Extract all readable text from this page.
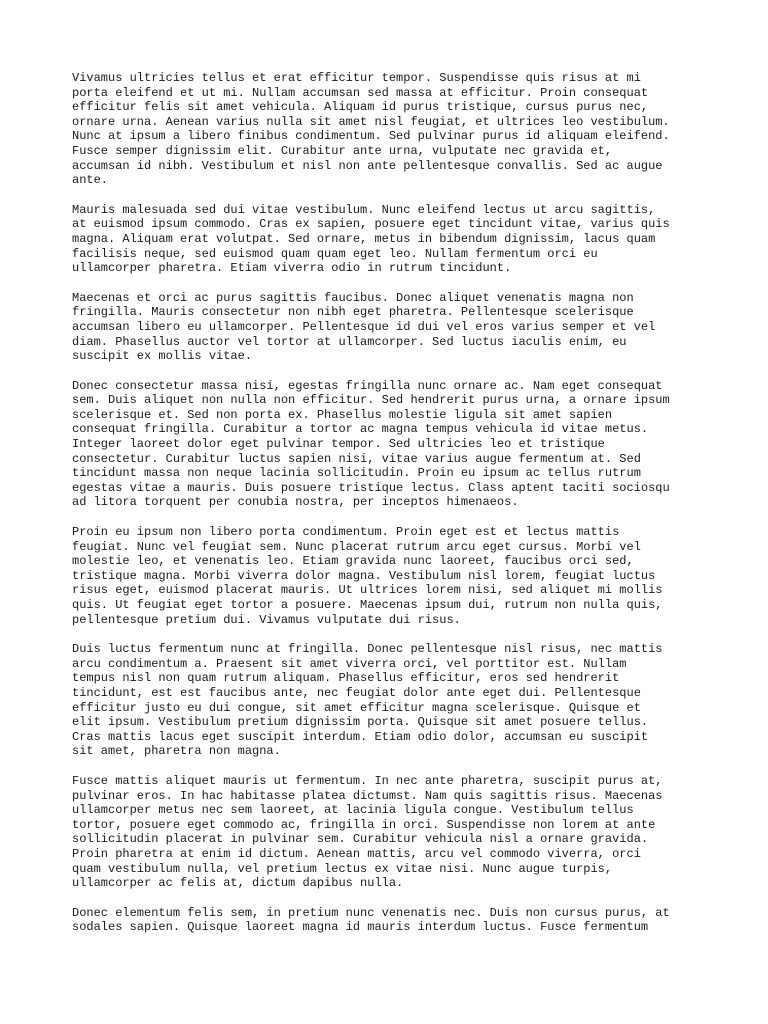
Vivamus ultricies tellus et erat efficitur tempor. Suspendisse quis risus at mi
porta eleifend et ut mi. Nullam accumsan sed massa at efficitur. Proin consequat
efficitur felis sit amet vehicula. Aliquam id purus tristique, cursus purus nec,
ornare urna. Aenean varius nulla sit amet nisl feugiat, et ultrices leo vestibulum.
Nunc at ipsum a libero finibus condimentum. Sed pulvinar purus id aliquam eleifend.
Fusce semper dignissim elit. Curabitur ante urna, vulputate nec gravida et,
accumsan id nibh. Vestibulum et nisl non ante pellentesque convallis. Sed ac augue
ante.

Mauris malesuada sed dui vitae vestibulum. Nunc eleifend lectus ut arcu sagittis,
at euismod ipsum commodo. Cras ex sapien, posuere eget tincidunt vitae, varius quis
magna. Aliquam erat volutpat. Sed ornare, metus in bibendum dignissim, lacus quam
facilisis neque, sed euismod quam quam eget leo. Nullam fermentum orci eu
ullamcorper pharetra. Etiam viverra odio in rutrum tincidunt.

Maecenas et orci ac purus sagittis faucibus. Donec aliquet venenatis magna non
fringilla. Mauris consectetur non nibh eget pharetra. Pellentesque scelerisque
accumsan libero eu ullamcorper. Pellentesque id dui vel eros varius semper et vel
diam. Phasellus auctor vel tortor at ullamcorper. Sed luctus iaculis enim, eu
suscipit ex mollis vitae.

Donec consectetur massa nisi, egestas fringilla nunc ornare ac. Nam eget consequat
sem. Duis aliquet non nulla non efficitur. Sed hendrerit purus urna, a ornare ipsum
scelerisque et. Sed non porta ex. Phasellus molestie ligula sit amet sapien
consequat fringilla. Curabitur a tortor ac magna tempus vehicula id vitae metus.
Integer laoreet dolor eget pulvinar tempor. Sed ultricies leo et tristique
consectetur. Curabitur luctus sapien nisi, vitae varius augue fermentum at. Sed
tincidunt massa non neque lacinia sollicitudin. Proin eu ipsum ac tellus rutrum
egestas vitae a mauris. Duis posuere tristique lectus. Class aptent taciti sociosqu
ad litora torquent per conubia nostra, per inceptos himenaeos.

Proin eu ipsum non libero porta condimentum. Proin eget est et lectus mattis
feugiat. Nunc vel feugiat sem. Nunc placerat rutrum arcu eget cursus. Morbi vel
molestie leo, et venenatis leo. Etiam gravida nunc laoreet, faucibus orci sed,
tristique magna. Morbi viverra dolor magna. Vestibulum nisl lorem, feugiat luctus
risus eget, euismod placerat mauris. Ut ultrices lorem nisi, sed aliquet mi mollis
quis. Ut feugiat eget tortor a posuere. Maecenas ipsum dui, rutrum non nulla quis,
pellentesque pretium dui. Vivamus vulputate dui risus.

Duis luctus fermentum nunc at fringilla. Donec pellentesque nisl risus, nec mattis
arcu condimentum a. Praesent sit amet viverra orci, vel porttitor est. Nullam
tempus nisl non quam rutrum aliquam. Phasellus efficitur, eros sed hendrerit
tincidunt, est est faucibus ante, nec feugiat dolor ante eget dui. Pellentesque
efficitur justo eu dui congue, sit amet efficitur magna scelerisque. Quisque et
elit ipsum. Vestibulum pretium dignissim porta. Quisque sit amet posuere tellus.
Cras mattis lacus eget suscipit interdum. Etiam odio dolor, accumsan eu suscipit
sit amet, pharetra non magna.

Fusce mattis aliquet mauris ut fermentum. In nec ante pharetra, suscipit purus at,
pulvinar eros. In hac habitasse platea dictumst. Nam quis sagittis risus. Maecenas
ullamcorper metus nec sem laoreet, at lacinia ligula congue. Vestibulum tellus
tortor, posuere eget commodo ac, fringilla in orci. Suspendisse non lorem at ante
sollicitudin placerat in pulvinar sem. Curabitur vehicula nisl a ornare gravida.
Proin pharetra at enim id dictum. Aenean mattis, arcu vel commodo viverra, orci
quam vestibulum nulla, vel pretium lectus ex vitae nisi. Nunc augue turpis,
ullamcorper ac felis at, dictum dapibus nulla.

Donec elementum felis sem, in pretium nunc venenatis nec. Duis non cursus purus, at
sodales sapien. Quisque laoreet magna id mauris interdum luctus. Fusce fermentum
